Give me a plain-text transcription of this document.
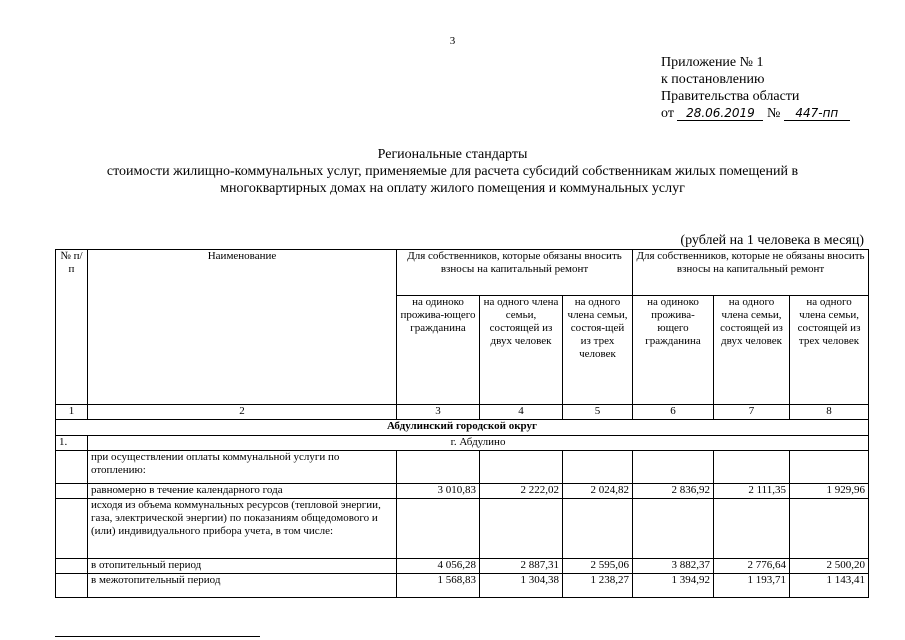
3
Приложение № 1
к постановлению
Правительства области
от 28.06.2019 № 447-пп
Региональные стандарты
стоимости жилищно-коммунальных услуг, применяемые для расчета субсидий собственникам жилых помещений в
многоквартирных домах на оплату жилого помещения и коммунальных услуг
(рублей на 1 человека в месяц)
№ п/п	Наименование	Для собственников, которые обязаны вносить взносы на капитальный ремонт			Для собственников, которые не обязаны вносить взносы на капитальный ремонт		
		на одиноко прожива-ющего гражданина	на одного члена семьи, состоящей из двух человек	на одного члена семьи, состоя-щей из трех человек	на одиноко прожива-ющего гражданина	на одного члена семьи, состоящей из двух человек	на одного члена семьи, состоящей из трех человек
1	2	3	4	5	6	7	8
Абдулинский городской округ							
1.	г. Абдулино						
	при осуществлении оплаты коммунальной услуги по отоплению:						
	равномерно в течение календарного года	3 010,83	2 222,02	2 024,82	2 836,92	2 111,35	1 929,96
	исходя из объема коммунальных ресурсов (тепловой энергии, газа, электрической энергии) по показаниям общедомового и (или) индивидуального прибора учета, в том числе:						
	в отопительный период	4 056,28	2 887,31	2 595,06	3 882,37	2 776,64	2 500,20
	в межотопительный период	1 568,83	1 304,38	1 238,27	1 394,92	1 193,71	1 143,41
